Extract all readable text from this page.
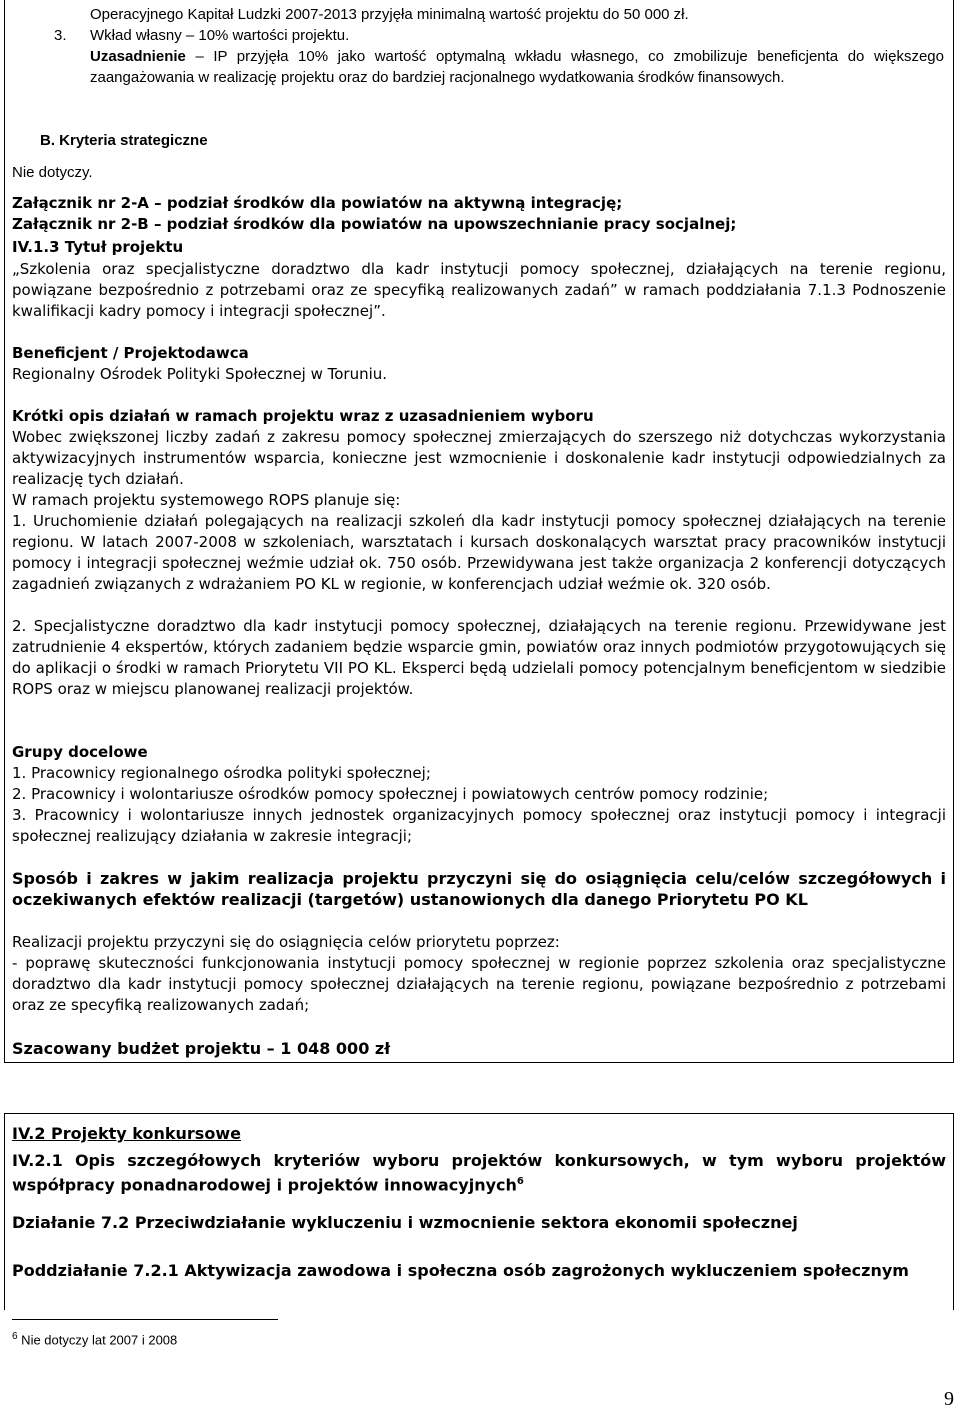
Operacyjnego Kapitał Ludzki 2007-2013 przyjęła minimalną wartość projektu do 50 000 zł.
3.	Wkład własny – 10% wartości projektu.
Uzasadnienie – IP przyjęła 10% jako wartość optymalną wkładu własnego, co zmobilizuje beneficjenta do większego zaangażowania w realizację projektu oraz do bardziej racjonalnego wydatkowania środków finansowych.
B. Kryteria strategiczne
Nie dotyczy.
Załącznik nr 2-A – podział środków dla powiatów na aktywną integrację;
Załącznik nr 2-B – podział środków dla powiatów na upowszechnianie pracy socjalnej;
IV.1.3 Tytuł projektu
„Szkolenia oraz specjalistyczne doradztwo dla kadr instytucji pomocy społecznej, działających na terenie regionu, powiązane bezpośrednio z potrzebami oraz ze specyfiką realizowanych zadań” w ramach poddziałania 7.1.3 Podnoszenie kwalifikacji kadry pomocy i integracji społecznej”.
Beneficjent / Projektodawca
Regionalny Ośrodek Polityki Społecznej w Toruniu.
Krótki opis działań w ramach projektu wraz z uzasadnieniem wyboru
Wobec zwiększonej liczby zadań z zakresu pomocy społecznej zmierzających do szerszego niż dotychczas wykorzystania aktywizacyjnych instrumentów wsparcia, konieczne jest wzmocnienie i doskonalenie kadr instytucji odpowiedzialnych za realizację tych działań.
W ramach projektu systemowego ROPS planuje się:
1. Uruchomienie działań polegających na realizacji szkoleń dla kadr instytucji pomocy społecznej działających na terenie regionu. W latach 2007-2008 w szkoleniach, warsztatach i kursach doskonalących warsztat pracy pracowników instytucji pomocy i integracji społecznej weźmie udział ok. 750 osób. Przewidywana jest także organizacja 2 konferencji dotyczących zagadnień związanych z wdrażaniem PO KL w regionie, w konferencjach udział weźmie ok. 320 osób.
2. Specjalistyczne doradztwo dla kadr instytucji pomocy społecznej, działających na terenie regionu. Przewidywane jest zatrudnienie 4 ekspertów, których zadaniem będzie wsparcie gmin, powiatów oraz innych podmiotów przygotowujących się do aplikacji o środki w ramach Priorytetu VII PO KL. Eksperci będą udzielali pomocy potencjalnym beneficjentom w siedzibie ROPS oraz w miejscu planowanej realizacji projektów.
Grupy docelowe
1. Pracownicy regionalnego ośrodka polityki społecznej;
2. Pracownicy i wolontariusze ośrodków pomocy społecznej i powiatowych centrów pomocy rodzinie;
3. Pracownicy i wolontariusze innych jednostek organizacyjnych pomocy społecznej oraz instytucji pomocy i integracji społecznej realizujący działania w zakresie integracji;
Sposób i zakres w jakim realizacja projektu przyczyni się do osiągnięcia celu/celów szczegółowych i oczekiwanych efektów realizacji (targetów) ustanowionych dla danego Priorytetu PO KL
Realizacji projektu przyczyni się do osiągnięcia celów priorytetu poprzez:
- poprawę skuteczności funkcjonowania instytucji pomocy społecznej w regionie poprzez szkolenia oraz specjalistyczne doradztwo dla kadr instytucji pomocy społecznej działających na terenie regionu, powiązane bezpośrednio z potrzebami oraz ze specyfiką realizowanych zadań;
Szacowany budżet projektu – 1 048 000 zł
IV.2 Projekty konkursowe
IV.2.1 Opis szczegółowych kryteriów wyboru projektów konkursowych, w tym wyboru projektów współpracy ponadnarodowej i projektów innowacyjnych$^6$
Działanie 7.2 Przeciwdziałanie wykluczeniu i wzmocnienie sektora ekonomii społecznej
Poddziałanie 7.2.1 Aktywizacja zawodowa i społeczna osób zagrożonych wykluczeniem społecznym
$^6$ Nie dotyczy lat 2007 i 2008
9
